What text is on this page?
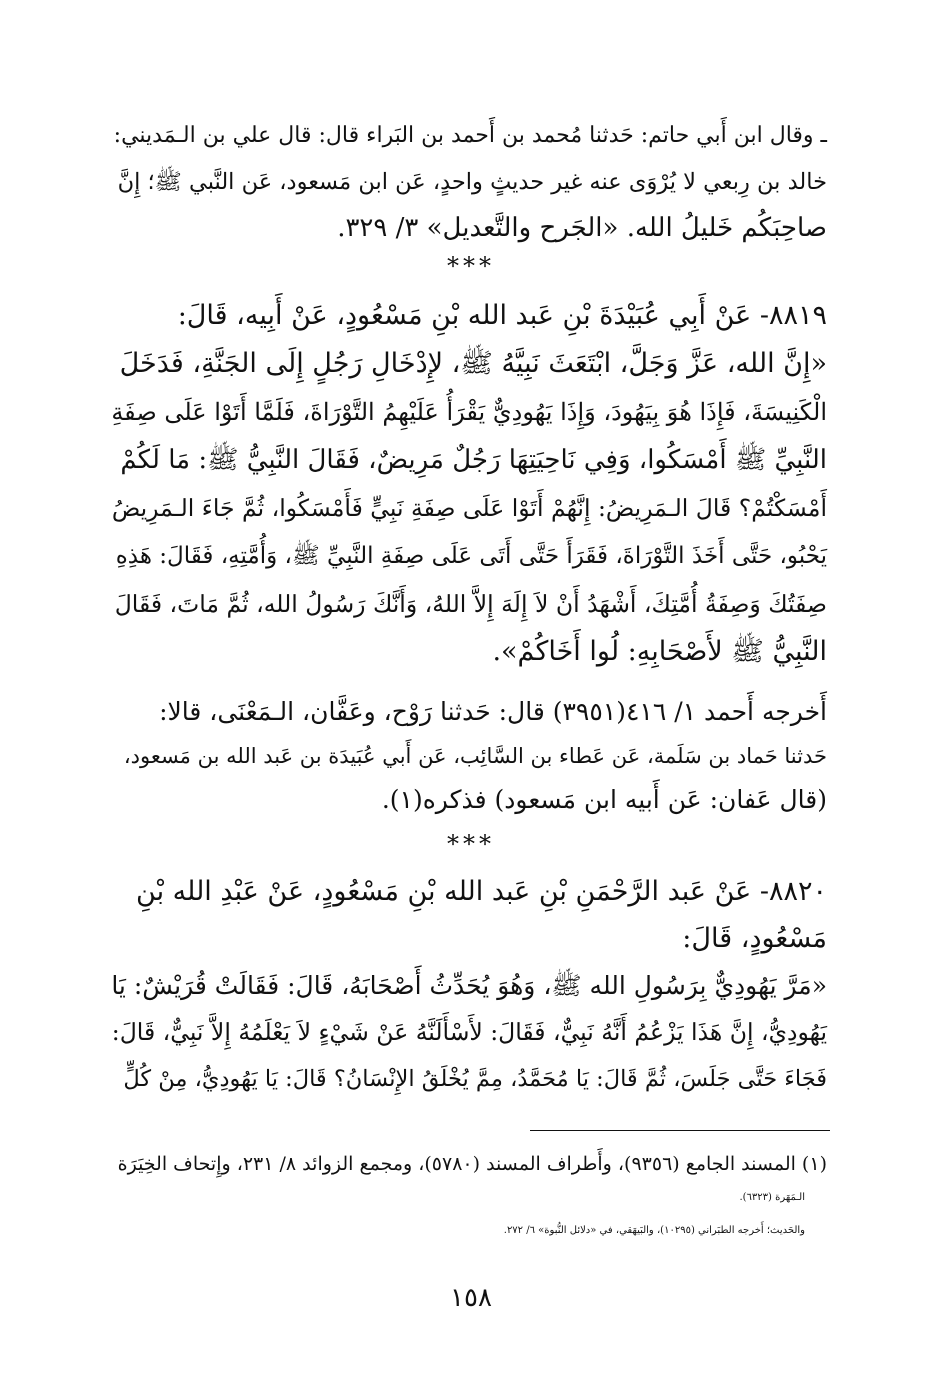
ـ وقال ابن أَبي حاتم: حَدثنا مُحمد بن أَحمد بن البَراء قال: قال علي بن الـمَديني:

خالد بن رِبعي لا يُرْوَى عنه غير حديثٍ واحدٍ، عَن ابن مَسعود، عَن النَّبي ﷺ؛ إِنَّ

صاحِبَكُم خَليلُ الله. «الجَرح والتَّعديل» ٣/ ٣٢٩.

***

٨٨١٩- عَنْ أَبِي عُبَيْدَةَ بْنِ عَبد الله بْنِ مَسْعُودٍ، عَنْ أَبِيه، قَالَ:

«إِنَّ الله، عَزَّ وَجَلَّ، ابْتَعَثَ نَبِيَّهُ ﷺ، لإِدْخَالِ رَجُلٍ إِلَى الجَنَّةِ، فَدَخَلَ

الْكَنِيسَةَ، فَإِذَا هُوَ بِيَهُودَ، وَإِذَا يَهُودِيٌّ يَقْرَأُ عَلَيْهِمُ التَّوْرَاةَ، فَلَمَّا أَتَوْا عَلَى صِفَةِ

النَّبِيِّ ﷺ أَمْسَكُوا، وَفِي نَاحِيَتِهَا رَجُلٌ مَرِيضٌ، فَقَالَ النَّبِيُّ ﷺ: مَا لَكُمْ

أَمْسَكْتُمْ؟ قَالَ الـمَرِيضُ: إِنَّهُمْ أَتَوْا عَلَى صِفَةِ نَبِيٍّ فَأَمْسَكُوا، ثُمَّ جَاءَ الـمَرِيضُ

يَحْبُو، حَتَّى أَخَذَ التَّوْرَاةَ، فَقَرَأَ حَتَّى أَتَى عَلَى صِفَةِ النَّبِيِّ ﷺ، وَأُمَّتِهِ، فَقَالَ: هَذِهِ

صِفَتُكَ وَصِفَةُ أُمَّتِكَ، أَشْهَدُ أَنْ لاَ إِلَهَ إِلاَّ اللهُ، وَأَنَّكَ رَسُولُ الله، ثُمَّ مَاتَ، فَقَالَ

النَّبِيُّ ﷺ لأَصْحَابِهِ: لُوا أَخَاكُمْ».

أَخرجه أَحمد ١/ ٤١٦(٣٩٥١) قال: حَدثنا رَوْح، وعَفَّان، الـمَعْنَى، قالا:

حَدثنا حَماد بن سَلَمة، عَن عَطاء بن السَّائِب، عَن أَبي عُبَيدَة بن عَبد الله بن مَسعود،

(قال عَفان: عَن أَبيه ابن مَسعود) فذكره(١).

***

٨٨٢٠- عَنْ عَبد الرَّحْمَنِ بْنِ عَبد الله بْنِ مَسْعُودٍ، عَنْ عَبْدِ الله بْنِ

مَسْعُودٍ، قَالَ:

«مَرَّ يَهُودِيٌّ بِرَسُولِ الله ﷺ، وَهُوَ يُحَدِّثُ أَصْحَابَهُ، قَالَ: فَقَالَتْ قُرَيْشٌ: يَا

يَهُودِيُّ، إِنَّ هَذَا يَزْعُمُ أَنَّهُ نَبِيٌّ، فَقَالَ: لأَسْأَلَنَّهُ عَنْ شَيْءٍ لاَ يَعْلَمُهُ إِلاَّ نَبِيٌّ، قَالَ:

فَجَاءَ حَتَّى جَلَسَ، ثُمَّ قَالَ: يَا مُحَمَّدُ، مِمَّ يُخْلَقُ الإِنْسَانُ؟ قَالَ: يَا يَهُودِيُّ، مِنْ كُلٍّ

(١) المسند الجامع (٩٣٥٦)، وأَطراف المسند (٥٧٨٠)، ومجمع الزوائد ٨/ ٢٣١، وإِتحاف الخِيَرَة

الـمَهَرة (٦٣٢٣).

والحَديث؛ أَخرجه الطبَراني (١٠٢٩٥)، والبَيهَقي، في «دلائل النُّبوة» ٦/ ٢٧٢.

١٥٨
